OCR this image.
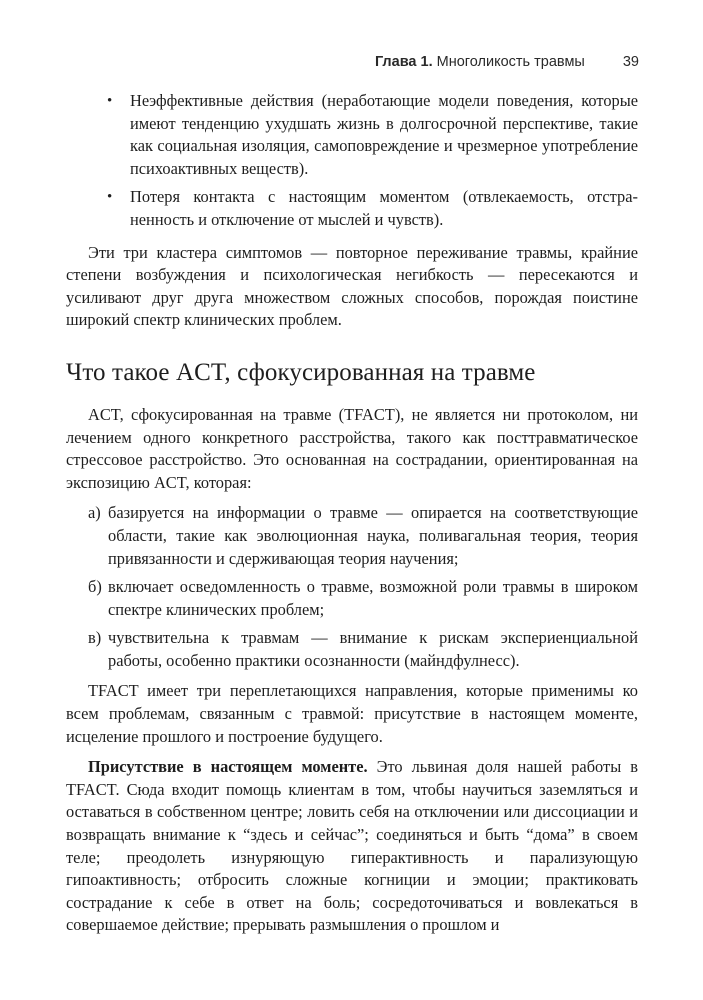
Глава 1. Многоликость травмы	39
• Неэффективные действия (неработающие модели поведения, которые имеют тенденцию ухудшать жизнь в долгосрочной перспективе, такие как социальная изоляция, самоповреждение и чрезмерное употребление психоактивных веществ).
• Потеря контакта с настоящим моментом (отвлекаемость, отстраненность и отключение от мыслей и чувств).

Эти три кластера симптомов — повторное переживание травмы, крайние степени возбуждения и психологическая негибкость — пересекаются и усиливают друг друга множеством сложных способов, порождая поистине широкий спектр клинических проблем.

Что такое ACT, сфокусированная на травме

ACT, сфокусированная на травме (TFACT), не является ни протоколом, ни лечением одного конкретного расстройства, такого как посттравматическое стрессовое расстройство. Это основанная на сострадании, ориентированная на экспозицию ACT, которая:

а) базируется на информации о травме — опирается на соответствующие области, такие как эволюционная наука, поливагальная теория, теория привязанности и сдерживающая теория научения;
б) включает осведомленность о травме, возможной роли травмы в широком спектре клинических проблем;
в) чувствительна к травмам — внимание к рискам экспериенциальной работы, особенно практики осознанности (майндфулнесс).

TFACT имеет три переплетающихся направления, которые применимы ко всем проблемам, связанным с травмой: присутствие в настоящем моменте, исцеление прошлого и построение будущего.

Присутствие в настоящем моменте. Это львиная доля нашей работы в TFACT. Сюда входит помощь клиентам в том, чтобы научиться заземляться и оставаться в собственном центре; ловить себя на отключении или диссоциации и возвращать внимание к “здесь и сейчас”; соединяться и быть “дома” в своем теле; преодолеть изнуряющую гиперактивность и парализующую гипоактивность; отбросить сложные когниции и эмоции; практиковать сострадание к себе в ответ на боль; сосредоточиваться и вовлекаться в совершаемое действие; прерывать размышления о прошлом и
